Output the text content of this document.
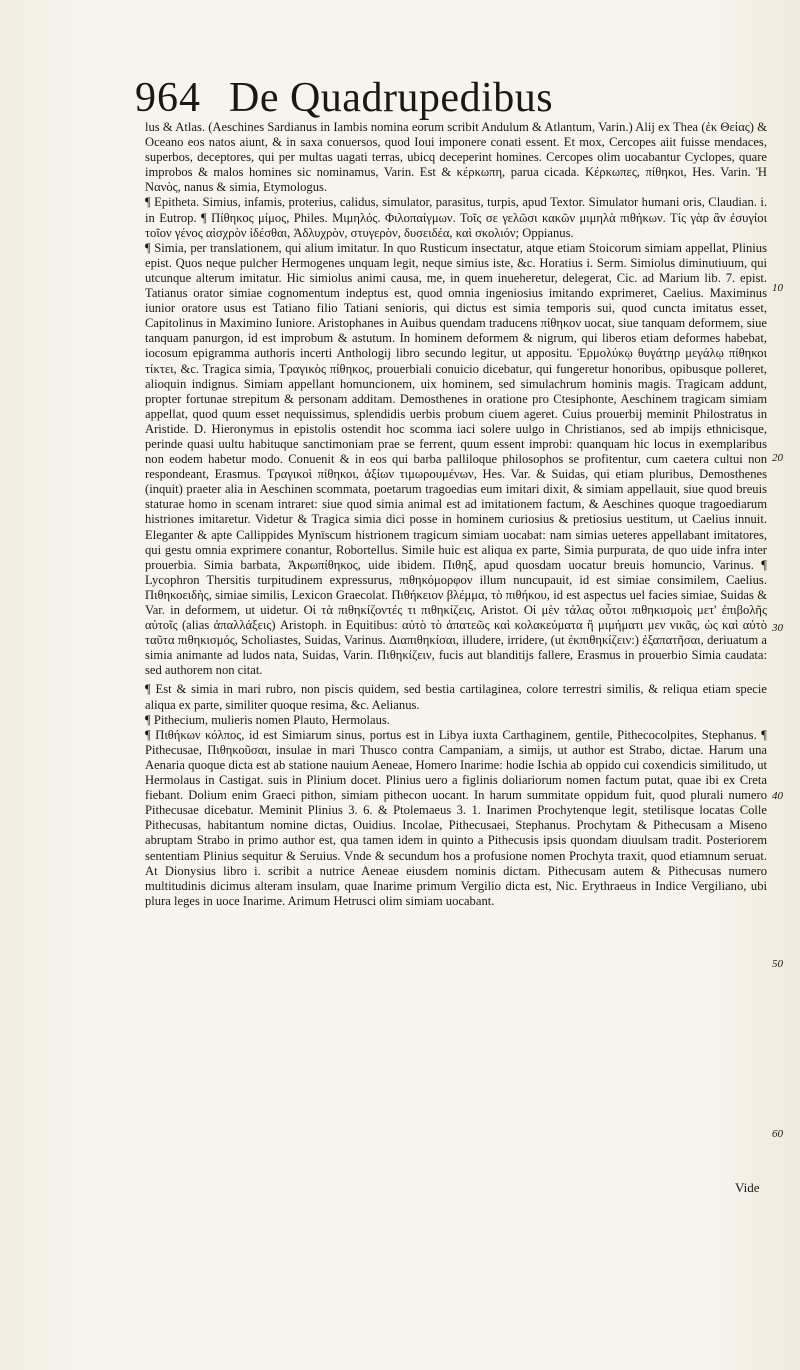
964 De Quadrupedibus

lus & Atlas. (Aeschines Sardianus in Iambis nomina eorum scribit Andulum & Atlantum, Varin.) Alij ex Thea (ἐκ Θείας) & Oceano eos natos aiunt, & in saxa conuersos, quod Ioui imponere conati essent. Et mox, Cercopes aiit fuisse mendaces, superbos, deceptores, qui per multas uagati terras, ubicq deceperint homines. Cercopes olim uocabantur Cyclopes, quare improbos & malos homines sic nominamus, Varin. Est & κέρκωπη, parua cicada. Κέρκωπες, πίθηκοι, Hes. Varin. Ἡ Νανὸς, nanus & simia, Etymologus.

¶ Epitheta. Simius, infamis, proterius, calidus, simulator, parasitus, turpis, apud Textor. Simulator humani oris, Claudian. i. in Eutrop. ¶ Πίθηκος μίμος, Philes. Μιμηλός. Φιλοπαίγμων. Τοῖς σε γελῶσι κακῶν μιμηλὰ πιθήκων. Τίς γὰρ ἂν ἐσυγίοι τοῖον γένος αἰσχρὸν ἰδέσθαι, Ἀδλυχρὸν, στυγερὸν, δυσειδέα, καὶ σκολιόν; Oppianus.

¶ Simia, per translationem, qui alium imitatur. In quo Rusticum insectatur, atque etiam Stoicorum simiam appellat, Plinius epist. Quos neque pulcher Hermogenes unquam legit, neque simius iste, &c. Horatius i. Serm. Simiolus diminutiuum, qui utcunque alterum imitatur. Hic simiolus animi causa, me, in quem inueheretur, delegerat, Cic. ad Marium lib. 7. epist. Tatianus orator simiae cognomentum indeptus est, quod omnia ingeniosius imitando exprimeret, Caelius. Maximinus iunior oratore usus est Tatiano filio Tatiani senioris, qui dictus est simia temporis sui, quod cuncta imitatus esset, Capitolinus in Maximino Iuniore. Aristophanes in Auibus quendam traducens πίθηκον uocat, siue tanquam deformem, siue tanquam panurgon, id est improbum & astutum. In hominem deformem & nigrum, qui liberos etiam deformes habebat, iocosum epigramma authoris incerti Anthologij libro secundo legitur, ut appositu. Ἑρμολύκῳ θυγάτηρ μεγάλῳ πίθηκοι τίκτει, &c. Tragica simia, Τραγικὸς πίθηκος, prouerbiali conuicio dicebatur, qui fungeretur honoribus, opibusque polleret, alioquin indignus. Simiam appellant homuncionem, uix hominem, sed simulachrum hominis magis. Tragicam addunt, propter fortunae strepitum & personam additam. Demosthenes in oratione pro Ctesiphonte, Aeschinem tragicam simiam appellat, quod quum esset nequissimus, splendidis uerbis probum ciuem ageret. Cuius prouerbij meminit Philostratus in Aristide. D. Hieronymus in epistolis ostendit hoc scomma iaci solere uulgo in Christianos, sed ab impijs ethnicisque, perinde quasi uultu habituque sanctimoniam prae se ferrent, quum essent improbi: quanquam hic locus in exemplaribus non eodem habetur modo. Conuenit & in eos qui barba palliloque philosophos se profitentur, cum caetera cultui non respondeant, Erasmus. Τραγικοὶ πίθηκοι, ἀξίων τιμωρουμένων, Hes. Var. & Suidas, qui etiam pluribus, Demosthenes (inquit) praeter alia in Aeschinen scommata, poetarum tragoedias eum imitari dixit, & simiam appellauit, siue quod breuis staturae homo in scenam intraret: siue quod simia animal est ad imitationem factum, & Aeschines quoque tragoediarum histriones imitaretur. Videtur & Tragica simia dici posse in hominem curiosius & pretiosius uestitum, ut Caelius innuit. Eleganter & apte Callippides Mynīscum histrionem tragicum simiam uocabat: nam simias ueteres appellabant imitatores, qui gestu omnia exprimere conantur, Robortellus. Simile huic est aliqua ex parte, Simia purpurata, de quo uide infra inter prouerbia. Simia barbata, Ἀκρωπίθηκος, uide ibidem. Πιθηξ, apud quosdam uocatur breuis homuncio, Varinus. ¶ Lycophron Thersitis turpitudinem expressurus, πιθηκόμορφον illum nuncupauit, id est simiae consimilem, Caelius. Πιθηκοειδὴς, simiae similis, Lexicon Graecolat. Πιθήκειον βλέμμα, τὸ πιθήκου, id est aspectus uel facies simiae, Suidas & Var. in deformem, ut uidetur. Οἱ τὰ πιθηκίζοντές τι πιθηκίζεις, Aristot. Οἱ μὲν τάλας οὗτοι πιθηκισμοὶς μετ' ἐπιβολῆς αὐτοῖς (alias ἀπαλλάξεις) Aristoph. in Equitibus: αὐτὸ τὸ ἀπατεῶς καὶ κολακεύματα ἢ μιμήματι μεν νικᾶς, ὡς καὶ αὐτὸ ταῦτα πιθηκισμός, Scholiastes, Suidas, Varinus. Διαπιθηκίσαι, illudere, irridere, (ut ἐκπιθηκίζειν:) ἐξαπατῆσαι, deriuatum a simia animante ad ludos nata, Suidas, Varin. Πιθηκίζειν, fucis aut blanditijs fallere, Erasmus in prouerbio Simia caudata: sed authorem non citat.

¶ Est & simia in mari rubro, non piscis quidem, sed bestia cartilaginea, colore terrestri similis, & reliqua etiam specie aliqua ex parte, similiter quoque resima, &c. Aelianus.

¶ Pithecium, mulieris nomen Plauto, Hermolaus.

¶ Πιθήκων κόλπος, id est Simiarum sinus, portus est in Libya iuxta Carthaginem, gentile, Pithecocolpites, Stephanus. ¶ Pithecusae, Πιθηκοῦσαι, insulae in mari Thusco contra Campaniam, a simijs, ut author est Strabo, dictae. Harum una Aenaria quoque dicta est ab statione nauium Aeneae, Homero Inarime: hodie Ischia ab oppido cui coxendicis similitudo, ut Hermolaus in Castigat. suis in Plinium docet. Plinius uero a figlinis doliariorum nomen factum putat, quae ibi ex Creta fiebant. Dolium enim Graeci pithon, simiam pithecon uocant. In harum summitate oppidum fuit, quod plurali numero Pithecusae dicebatur. Meminit Plinius 3. 6. & Ptolemaeus 3. 1. Inarimen Prochytenque legit, stetilisque locatas Colle Pithecusas, habitantum nomine dictas, Ouidius. Incolae, Pithecusaei, Stephanus. Prochytam & Pithecusam a Miseno abruptam Strabo in primo author est, qua tamen idem in quinto a Pithecusis ipsis quondam diuulsam tradit. Posteriorem sententiam Plinius sequitur & Seruius. Vnde & secundum hos a profusione nomen Prochyta traxit, quod etiamnum seruat. At Dionysius libro i. scribit a nutrice Aeneae eiusdem nominis dictam. Pithecusam autem & Pithecusas numero multitudinis dicimus alteram insulam, quae Inarime primum Vergilio dicta est, Nic. Erythraeus in Indice Vergiliano, ubi plura leges in uoce Inarime. Arimum Hetrusci olim simiam uocabant.

10
20
30
40
50
60
Vide
